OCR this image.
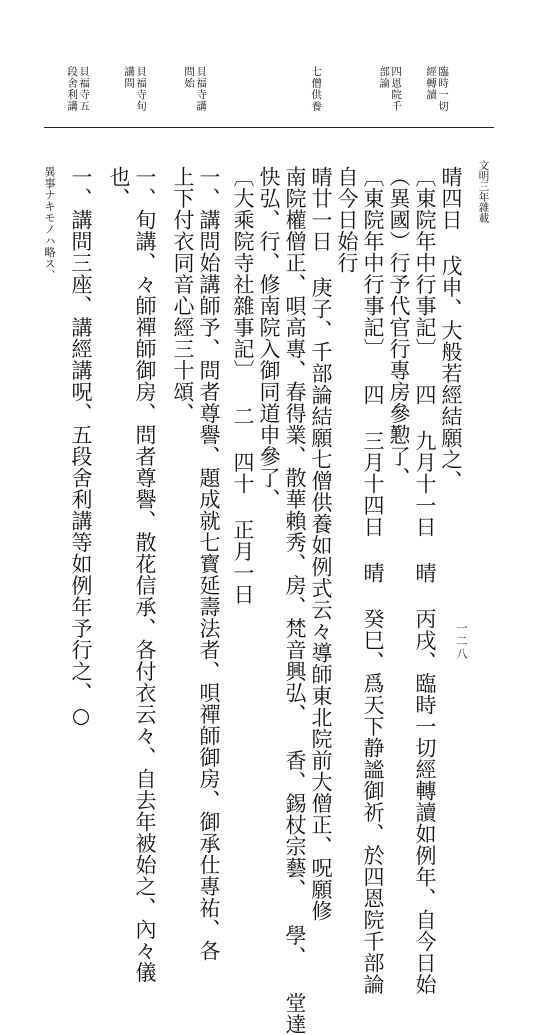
臨時一切
經轉讀
四恩院千
部論
七僧供養
貝福寺講
問始
貝福寺旬
講問
貝福寺五
段舍利講
文明三年雜載
一二八
晴四日 戊申、大般若經結願之、
〔東院年中行事記〕 四 九月十一日 晴 丙戌、臨時一切經轉讀如例年、自今日始
（異國）行予代官行專房參懃了、
〔東院年中行事記〕 四 三月十四日 晴 癸巳、爲天下静謐御祈、於四恩院千部論
自今日始行
晴廿一日 庚子、千部論結願七僧供養如例式云々導師東北院前大僧正、呪願修
南院權僧正、唄高專、春得業、散華賴秀、房、梵音興弘、 香、錫杖宗藝、 學、 堂達
快弘、行、修南院入御同道申參了、
〔大乘院寺社雜事記〕 二 四十 正月一日
一、講問始講師予、問者尊譽、題成就七寳延壽法者、唄禪師御房、御承仕專祐、各
上下付衣同音心經三十頌、
一、旬講、々師禪師御房、問者尊譽、散花信承、各付衣云々、自去年被始之、內々儀
也、
一、講問三座、講經講呪、五段舍利講等如例年予行之、○
異事ナキモノハ略ス、
